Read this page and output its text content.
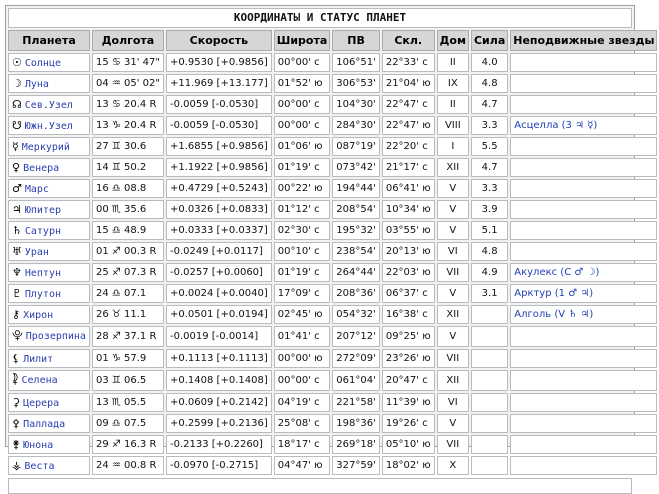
КООРДИНАТЫ И СТАТУС ПЛАНЕТ
Планета	Долгота	Скорость	Широта	ПВ	Скл.	Дом	Сила	Неподвижные звезды
☉ Солнце	15 ♋ 31' 47"	+0.9530 [+0.9856]	00°00' с	106°51'	22°33' с	II	4.0	
☽ Луна	04 ♒ 05' 02"	+11.969 [+13.177]	01°52' ю	306°53'	21°04' ю	IX	4.8	
☊ Сев.Узел	13 ♋ 20.4 R	-0.0059 [-0.0530]	00°00' с	104°30'	22°47' с	II	4.7	
☋ Южн.Узел	13 ♑ 20.4 R	-0.0059 [-0.0530]	00°00' с	284°30'	22°47' ю	VIII	3.3	Асцелла (3 ♃ ☿)
☿ Меркурий	27 ♊ 30.6	+1.6855 [+0.9856]	01°06' ю	087°19'	22°20' с	I	5.5	
♀ Венера	14 ♊ 50.2	+1.1922 [+0.9856]	01°19' с	073°42'	21°17' с	XII	4.7	
♂ Марс	16 ♎ 08.8	+0.4729 [+0.5243]	00°22' ю	194°44'	06°41' ю	V	3.3	
♃ Юпитер	00 ♏ 35.6	+0.0326 [+0.0833]	01°12' с	208°54'	10°34' ю	V	3.9	
♄ Сатурн	15 ♎ 48.9	+0.0333 [+0.0337]	02°30' с	195°32'	03°55' ю	V	5.1	
♅ Уран	01 ♐ 00.3 R	-0.0249 [+0.0117]	00°10' с	238°54'	20°13' ю	VI	4.8	
♆ Нептун	25 ♐ 07.3 R	-0.0257 [+0.0060]	01°19' с	264°44'	22°03' ю	VII	4.9	Акулекс (C ♂ ☽)
♇ Плутон	24 ♎ 07.1	+0.0024 [+0.0040]	17°09' с	208°36'	06°37' с	V	3.1	Арктур (1 ♂ ♃)
⚷ Хирон	26 ♉ 11.1	+0.0501 [+0.0194]	02°45' ю	054°32'	16°38' с	XII		Алголь (V ♄ ♃)
⯓ Прозерпина	28 ♐ 37.1 R	-0.0019 [-0.0014]	01°41' с	207°12'	09°25' ю	V		
⚸ Лилит	01 ♑ 57.9	+0.1113 [+0.1113]	00°00' ю	272°09'	23°26' ю	VII		
⯝ Селена	03 ♊ 06.5	+0.1408 [+0.1408]	00°00' с	061°04'	20°47' с	XII		
⚳ Церера	13 ♏ 05.5	+0.0609 [+0.2142]	04°19' с	221°58'	11°39' ю	VI		
⚴ Паллада	09 ♎ 07.5	+0.2599 [+0.2136]	25°08' с	198°36'	19°26' с	V		
⚵ Юнона	29 ♐ 16.3 R	-0.2133 [+0.2260]	18°17' с	269°18'	05°10' ю	VII		
⚶ Веста	24 ♒ 00.8 R	-0.0970 [-0.2715]	04°47' ю	327°59'	18°02' ю	X		
